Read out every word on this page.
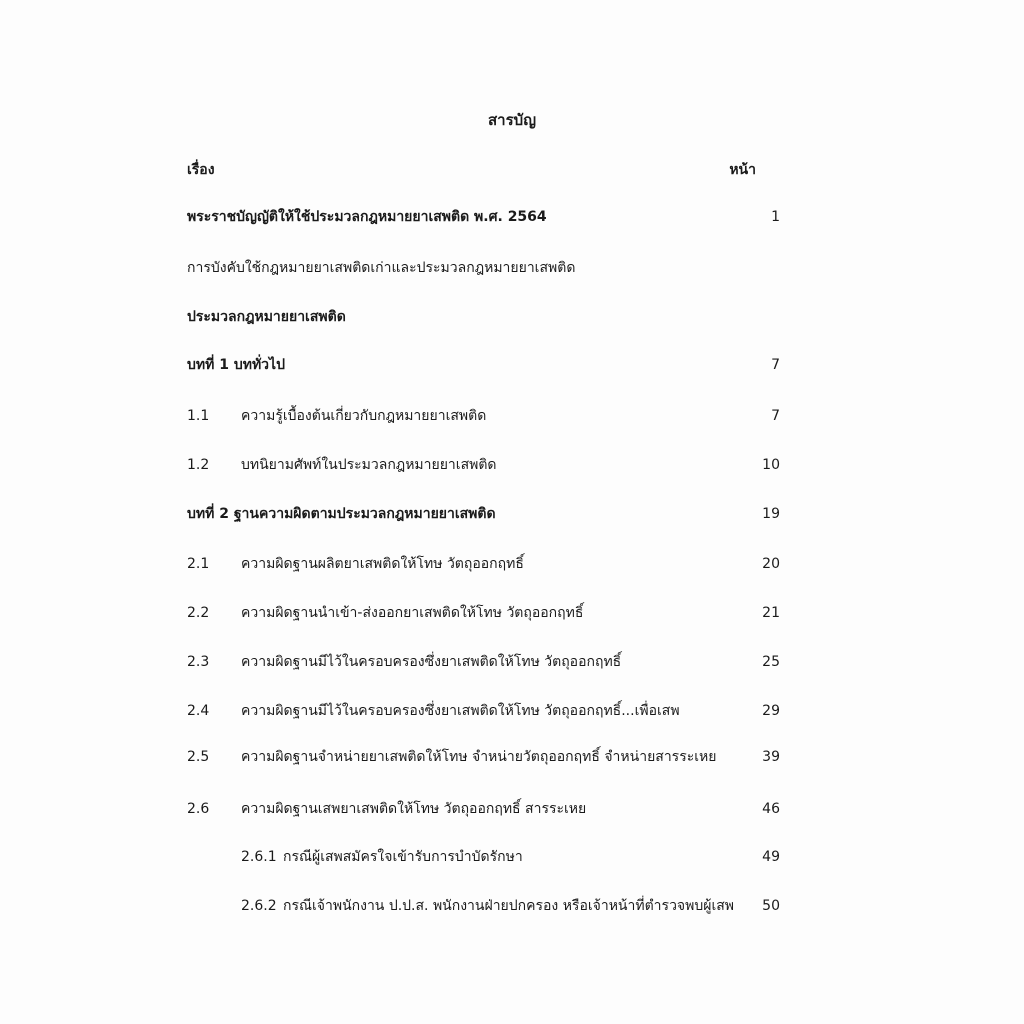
สารบัญ
เรื่อง	หน้า
พระราชบัญญัติให้ใช้ประมวลกฎหมายยาเสพติด พ.ศ. 2564	1
การบังคับใช้กฎหมายยาเสพติดเก่าและประมวลกฎหมายยาเสพติด
ประมวลกฎหมายยาเสพติด
บทที่ 1 บททั่วไป	7
1.1 ความรู้เบื้องต้นเกี่ยวกับกฎหมายยาเสพติด	7
1.2 บทนิยามศัพท์ในประมวลกฎหมายยาเสพติด	10
บทที่ 2 ฐานความผิดตามประมวลกฎหมายยาเสพติด	19
2.1 ความผิดฐานผลิตยาเสพติดให้โทษ วัตถุออกฤทธิ์	20
2.2 ความผิดฐานนำเข้า-ส่งออกยาเสพติดให้โทษ วัตถุออกฤทธิ์	21
2.3 ความผิดฐานมีไว้ในครอบครองซึ่งยาเสพติดให้โทษ วัตถุออกฤทธิ์	25
2.4 ความผิดฐานมีไว้ในครอบครองซึ่งยาเสพติดให้โทษ วัตถุออกฤทธิ์...เพื่อเสพ	29
2.5 ความผิดฐานจำหน่ายยาเสพติดให้โทษ จำหน่ายวัตถุออกฤทธิ์ จำหน่ายสารระเหย	39
2.6 ความผิดฐานเสพยาเสพติดให้โทษ วัตถุออกฤทธิ์ สารระเหย	46
2.6.1 กรณีผู้เสพสมัครใจเข้ารับการบำบัดรักษา	49
2.6.2 กรณีเจ้าพนักงาน ป.ป.ส. พนักงานฝ่ายปกครอง หรือเจ้าหน้าที่ตำรวจพบผู้เสพ 50
